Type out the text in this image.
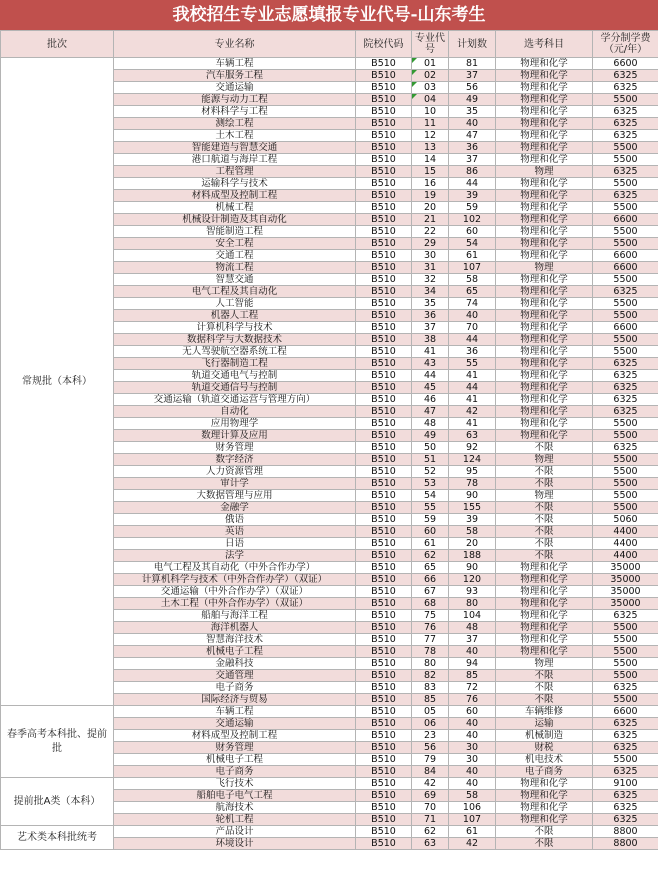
我校招生专业志愿填报专业代号-山东考生
批次	专业名称	院校代码	专业代号	计划数	选考科目	学分制学费（元/年）
常规批（本科）	车辆工程	B510	01	81	物理和化学	6600
	汽车服务工程	B510	02	37	物理和化学	6325
	交通运输	B510	03	56	物理和化学	6325
	能源与动力工程	B510	04	49	物理和化学	5500
	材料科学与工程	B510	10	35	物理和化学	6325
	测绘工程	B510	11	40	物理和化学	6325
	土木工程	B510	12	47	物理和化学	6325
	智能建造与智慧交通	B510	13	36	物理和化学	5500
	港口航道与海岸工程	B510	14	37	物理和化学	5500
	工程管理	B510	15	86	物理	6325
	运输科学与技术	B510	16	44	物理和化学	5500
	材料成型及控制工程	B510	19	39	物理和化学	6325
	机械工程	B510	20	59	物理和化学	5500
	机械设计制造及其自动化	B510	21	102	物理和化学	6600
	智能制造工程	B510	22	60	物理和化学	5500
	安全工程	B510	29	54	物理和化学	5500
	交通工程	B510	30	61	物理和化学	6600
	物流工程	B510	31	107	物理	6600
	智慧交通	B510	32	58	物理和化学	5500
	电气工程及其自动化	B510	34	65	物理和化学	6325
	人工智能	B510	35	74	物理和化学	5500
	机器人工程	B510	36	40	物理和化学	5500
	计算机科学与技术	B510	37	70	物理和化学	6600
	数据科学与大数据技术	B510	38	44	物理和化学	5500
	无人驾驶航空器系统工程	B510	41	36	物理和化学	5500
	飞行器制造工程	B510	43	55	物理和化学	6325
	轨道交通电气与控制	B510	44	41	物理和化学	6325
	轨道交通信号与控制	B510	45	44	物理和化学	6325
	交通运输（轨道交通运营与管理方向）	B510	46	41	物理和化学	6325
	自动化	B510	47	42	物理和化学	6325
	应用物理学	B510	48	41	物理和化学	5500
	数理计算及应用	B510	49	63	物理和化学	5500
	财务管理	B510	50	92	不限	6325
	数字经济	B510	51	124	物理	5500
	人力资源管理	B510	52	95	不限	5500
	审计学	B510	53	78	不限	5500
	大数据管理与应用	B510	54	90	物理	5500
	金融学	B510	55	155	不限	5500
	俄语	B510	59	39	不限	5060
	英语	B510	60	58	不限	4400
	日语	B510	61	20	不限	4400
	法学	B510	62	188	不限	4400
	电气工程及其自动化（中外合作办学）	B510	65	90	物理和化学	35000
	计算机科学与技术（中外合作办学）（双证）	B510	66	120	物理和化学	35000
	交通运输（中外合作办学）（双证）	B510	67	93	物理和化学	35000
	土木工程（中外合作办学）（双证）	B510	68	80	物理和化学	35000
	船舶与海洋工程	B510	75	104	物理和化学	6325
	海洋机器人	B510	76	48	物理和化学	5500
	智慧海洋技术	B510	77	37	物理和化学	5500
	机械电子工程	B510	78	40	物理和化学	5500
	金融科技	B510	80	94	物理	5500
	交通管理	B510	82	85	不限	5500
	电子商务	B510	83	72	不限	6325
	国际经济与贸易	B510	85	76	不限	5500
春季高考本科批、提前批	车辆工程	B510	05	60	车辆维修	6600
	交通运输	B510	06	40	运输	6325
	材料成型及控制工程	B510	23	40	机械制造	6325
	财务管理	B510	56	30	财税	6325
	机械电子工程	B510	79	30	机电技术	5500
	电子商务	B510	84	40	电子商务	6325
提前批A类（本科）	飞行技术	B510	42	40	物理和化学	9100
	船舶电子电气工程	B510	69	58	物理和化学	6325
	航海技术	B510	70	106	物理和化学	6325
	轮机工程	B510	71	107	物理和化学	6325
艺术类本科批统考	产品设计	B510	62	61	不限	8800
	环境设计	B510	63	42	不限	8800
